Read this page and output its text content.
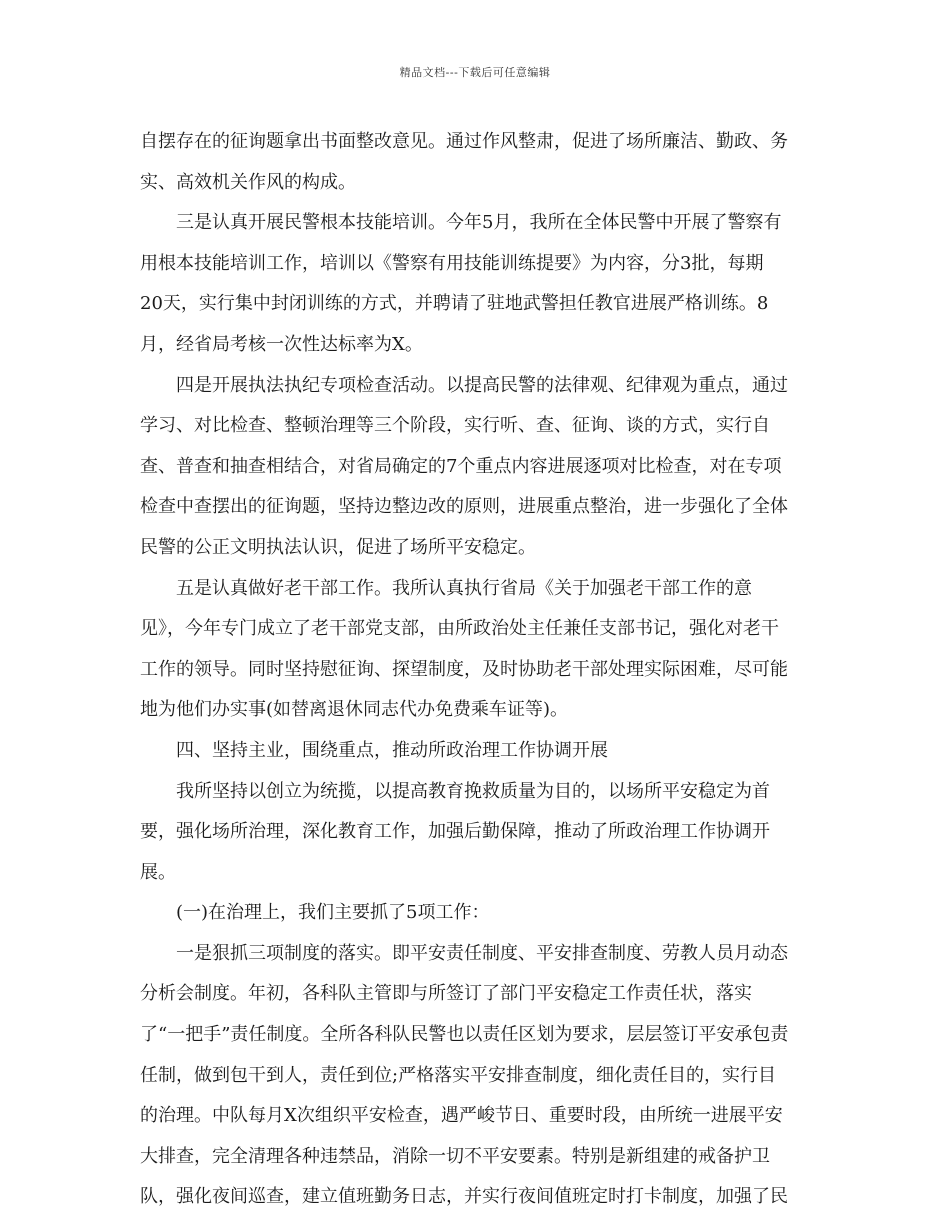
精品文档---下载后可任意编辑
自摆存在的征询题拿出书面整改意见。通过作风整肃，促进了场所廉洁、勤政、务
实、高效机关作风的构成。
三是认真开展民警根本技能培训。今年5月，我所在全体民警中开展了警察有
用根本技能培训工作，培训以《警察有用技能训练提要》为内容，分3批，每期
20天，实行集中封闭训练的方式，并聘请了驻地武警担任教官进展严格训练。8
月，经省局考核一次性达标率为X。
四是开展执法执纪专项检查活动。以提高民警的法律观、纪律观为重点，通过
学习、对比检查、整顿治理等三个阶段，实行听、查、征询、谈的方式，实行自
查、普查和抽查相结合，对省局确定的7个重点内容进展逐项对比检查，对在专项
检查中查摆出的征询题，坚持边整边改的原则，进展重点整治，进一步强化了全体
民警的公正文明执法认识，促进了场所平安稳定。
五是认真做好老干部工作。我所认真执行省局《关于加强老干部工作的意
见》，今年专门成立了老干部党支部，由所政治处主任兼任支部书记，强化对老干
工作的领导。同时坚持慰征询、探望制度，及时协助老干部处理实际困难，尽可能
地为他们办实事(如替离退休同志代办免费乘车证等)。
四、坚持主业，围绕重点，推动所政治理工作协调开展
我所坚持以创立为统揽，以提高教育挽救质量为目的，以场所平安稳定为首
要，强化场所治理，深化教育工作，加强后勤保障，推动了所政治理工作协调开
展。
(一)在治理上，我们主要抓了5项工作：
一是狠抓三项制度的落实。即平安责任制度、平安排查制度、劳教人员月动态
分析会制度。年初，各科队主管即与所签订了部门平安稳定工作责任状，落实
了“一把手”责任制度。全所各科队民警也以责任区划为要求，层层签订平安承包责
任制，做到包干到人，责任到位;严格落实平安排查制度，细化责任目的，实行目
的治理。中队每月X次组织平安检查，遇严峻节日、重要时段，由所统一进展平安
大排查，完全清理各种违禁品，消除一切不平安要素。特别是新组建的戒备护卫
队，强化夜间巡查，建立值班勤务日志，并实行夜间值班定时打卡制度，加强了民
